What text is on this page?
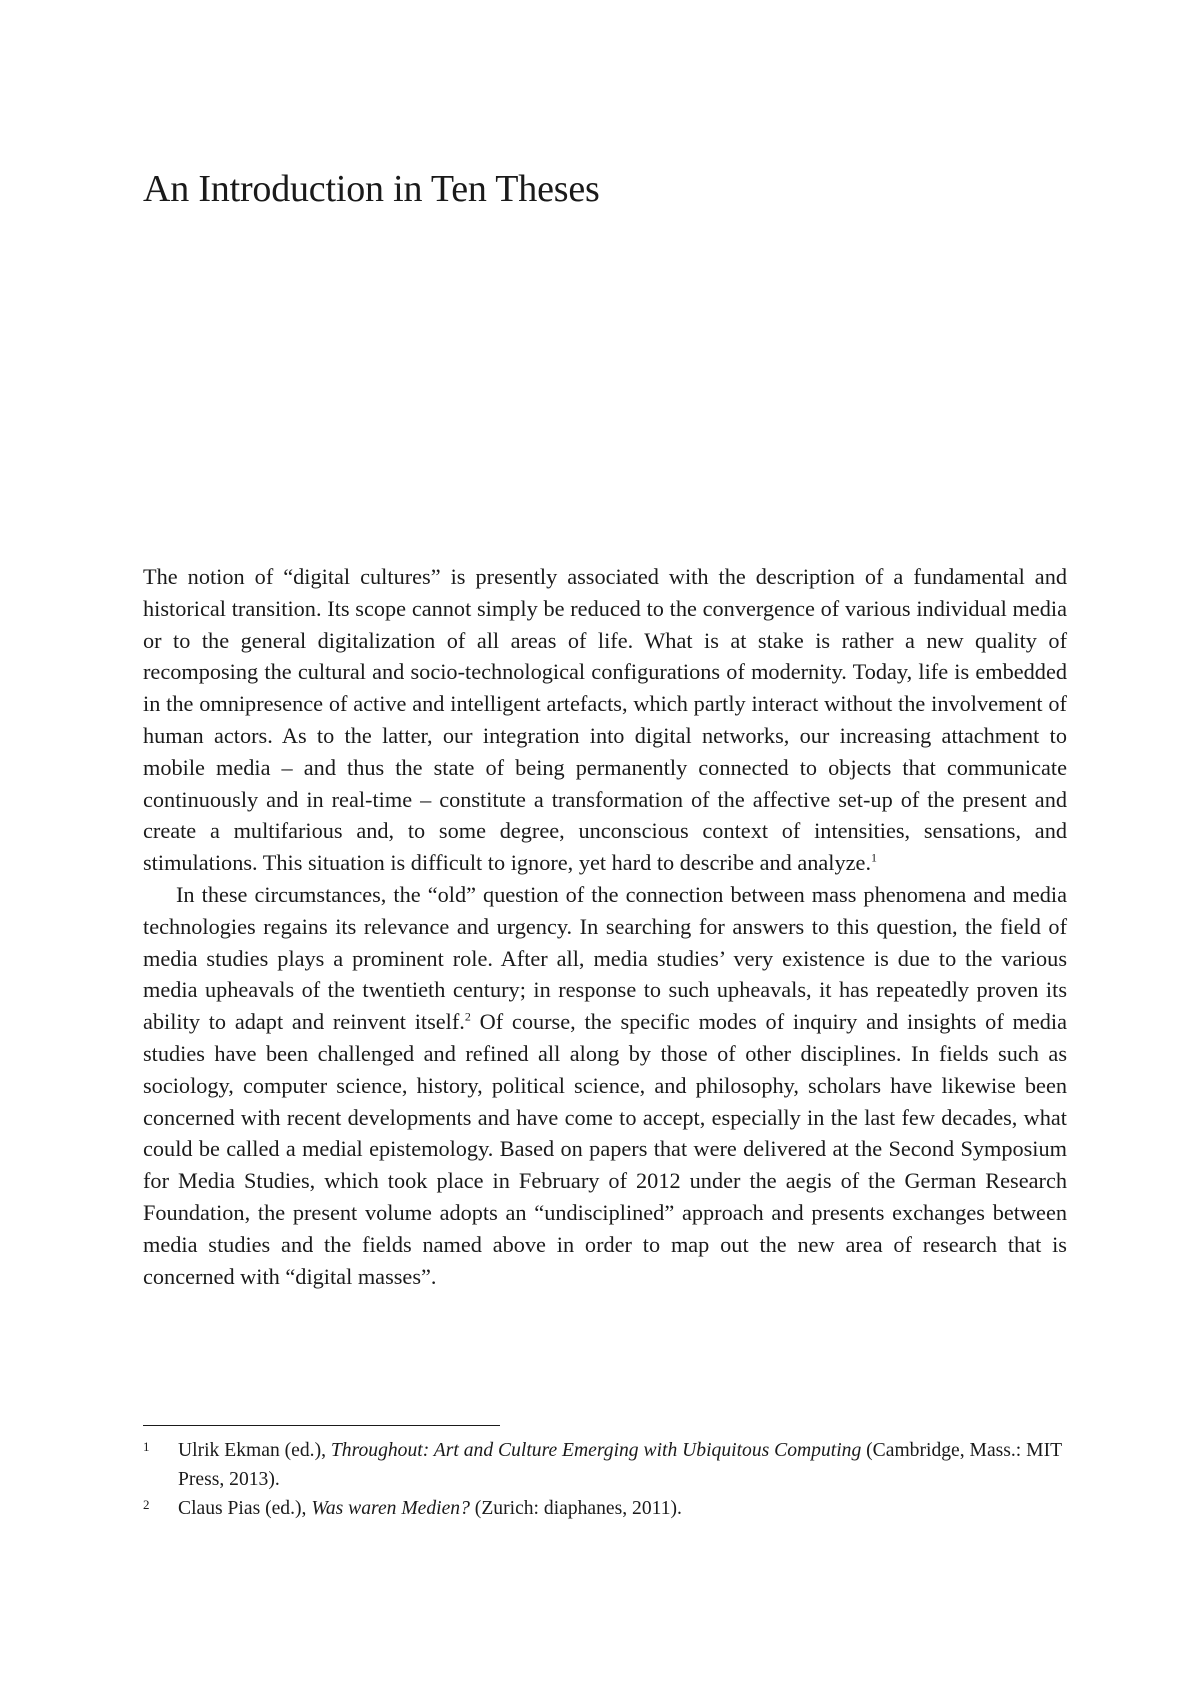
An Introduction in Ten Theses

The notion of “digital cultures” is presently associated with the description of a fundamental and historical transition. Its scope cannot simply be reduced to the convergence of various individual media or to the general digitalization of all areas of life. What is at stake is rather a new quality of recomposing the cultural and socio-technological configurations of modernity. Today, life is embedded in the omnipresence of active and intelligent artefacts, which partly interact without the involvement of human actors. As to the latter, our integration into digital networks, our increasing attachment to mobile media – and thus the state of being permanently connected to objects that communicate continuously and in real-time – constitute a transformation of the affective set-up of the present and create a multifarious and, to some degree, unconscious context of intensities, sensations, and stimulations. This situation is difficult to ignore, yet hard to describe and analyze.$^1$

In these circumstances, the “old” question of the connection between mass phenomena and media technologies regains its relevance and urgency. In searching for answers to this question, the field of media studies plays a prominent role. After all, media studies’ very existence is due to the various media upheavals of the twentieth century; in response to such upheavals, it has repeatedly proven its ability to adapt and reinvent itself.$^2$ Of course, the specific modes of inquiry and insights of media studies have been challenged and refined all along by those of other disciplines. In fields such as sociology, computer science, history, political science, and philosophy, scholars have likewise been concerned with recent developments and have come to accept, especially in the last few decades, what could be called a medial epistemology. Based on papers that were delivered at the Second Symposium for Media Studies, which took place in February of 2012 under the aegis of the German Research Foundation, the present volume adopts an “undisciplined” approach and presents exchanges between media studies and the fields named above in order to map out the new area of research that is concerned with “digital masses”.

1 Ulrik Ekman (ed.), Throughout: Art and Culture Emerging with Ubiquitous Computing (Cambridge, Mass.: MIT Press, 2013).
2 Claus Pias (ed.), Was waren Medien? (Zurich: diaphanes, 2011).
